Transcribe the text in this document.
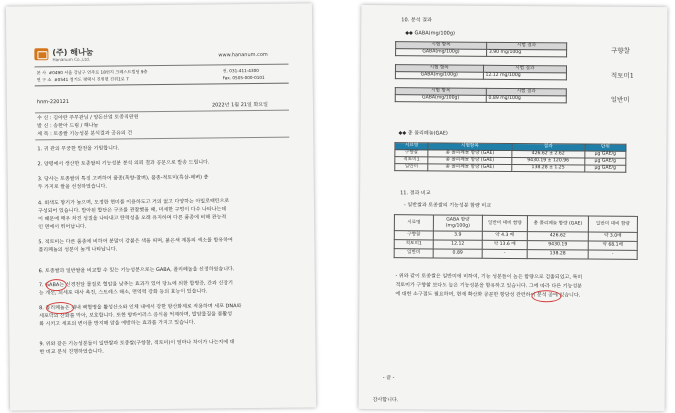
(주) 해나눔
Hananum Co.,Ltd.
www.hananum.com
본 사 #0490 서울 강남구 언주로 18번지 크레스트빌딩 9층	전. 031-411-4300
연 구 소 #0541 경기도 평택시 진위면 진위1로 7	Fax. 0505-000-0101
hnm-220121	2022년 1월 21일 화요일
수 신 : 김아란 주무관님 / 양돈산업 토종직판원
발 신 : 송한아 드림 / 해나눔
제 목 : 토종쌀 기능성분 분석결과 공유의 건
1. 귀 관의 무궁한 발전을 기원합니다.
2. 양평에서 생산한 토종쌀의 기능성분 분석 의뢰 결과 공문으로 발송 드립니다.
3. 당사는 토종쌀의 특징 고려하여 품종(흑향-찰벼), 품종-적토미(흑삼-메벼) 총
두 가지로 쌀을 선정하였습니다.
4. 회색도 향기가 높으며, 도정한 현미를 이용하도고 거의 없고 다양하는 아밀로펙틴으로
구성되어 있습니다. 발아된 할단은 구조를 관찰했을 때, 미세한 구멍이 다수 나타나는데
이 때문에 매우 차진 성질을 나타내고 탄력성을 오래 유지하며 다른 품종에 비해 관능적
인 면에서 뛰어납니다.
5. 적토미는 다른 품종에 비하여 분말이 강붉은 색을 띠며, 붉은색 계통의 색소를 함유하여
폴리페놀의 성분이 높게 나타납니다.
6. 토종쌀과 일반쌀을 비교할 수 있는 기능성분으로는 GABA, 폴리페놀을 선정하였습니다.
7. GABA는 신경전달 물질로 혈압을 낮추는 효과가 있어 당뇨에 의한 합병증, 간과 신장기
능 개선, 뇌세포 대사 촉진, 스트레스 해소, 면역력 강화 등의 효능이 있습니다.
8. 폴리페놀은 체내 백혈병을 활성산소와 인체 내에서 강한 항산화제로 작용하며 세포 DNA와
세포막의 산화를 막아, 보호합니다. 또한 항바이러스 증식을 억제하며, 발암물질을 불활성
화 시키고 세포의 변이를 방지해 암을 예방하는 효과를 가지고 있습니다.
9. 위와 같은 기능성분들이 일반쌀과 토종쌀(구향찰, 적토미)이 얼마나 차이가 나는지에 대
한 비교 분석 진행하였습니다.
10. 분석 결과
◆◆ GABA(mg/100g)
시험 항목	시험 결과
GABA(mg/100g)	3.90 mg/100g
시험 항목	시험 결과
GABA(mg/100g)	12.12 mg/100g
시험 항목	시험 결과
GABA(mg/100g)	0.89 mg/100g
구향찰
적토미1
일반미
◆◆ 총 폴리페놀(GAE)
시료명	시험항목	결과	단위
구향찰	총 폴리페놀 함량 (GAE)	426.62 ± 2.62	μg GAE/g
적토미1	총 폴리페놀 함량 (GAE)	9430.19 ± 120.96	μg GAE/g
일반미	총 폴리페놀 함량 (GAE)	138.28 ± 1.25	μg GAE/g
11. 결과 비교
- 일반쌀과 토종쌀의 기능성분 함량 비교
시료명	GABA 함량 (mg/100g)	일반미 대비 함량	총 폴리페놀 함량 (GAE)	일반미 대비 함량
구향찰	3.9	약 4.3 배	426.62	약 3.0배
적토미1	12.12	약 13.6 배	9430.19	약 68.1배
일반미	0.89	-	138.28	-
- 위와 같이 토종쌀은 일반미에 비하여, 기능 성분들이 높은 함량으로 검출되었고, 특히
적토미가 구향찰 보다도 높은 기능성분을 함유하고 있습니다. 그에 따라 다른 기능성분
에 대한 소구점도 필요하며, 현재 확산화 공문한 항당성 관련하여 분석 중에 있습니다.
- 끝 -
감사합니다.
